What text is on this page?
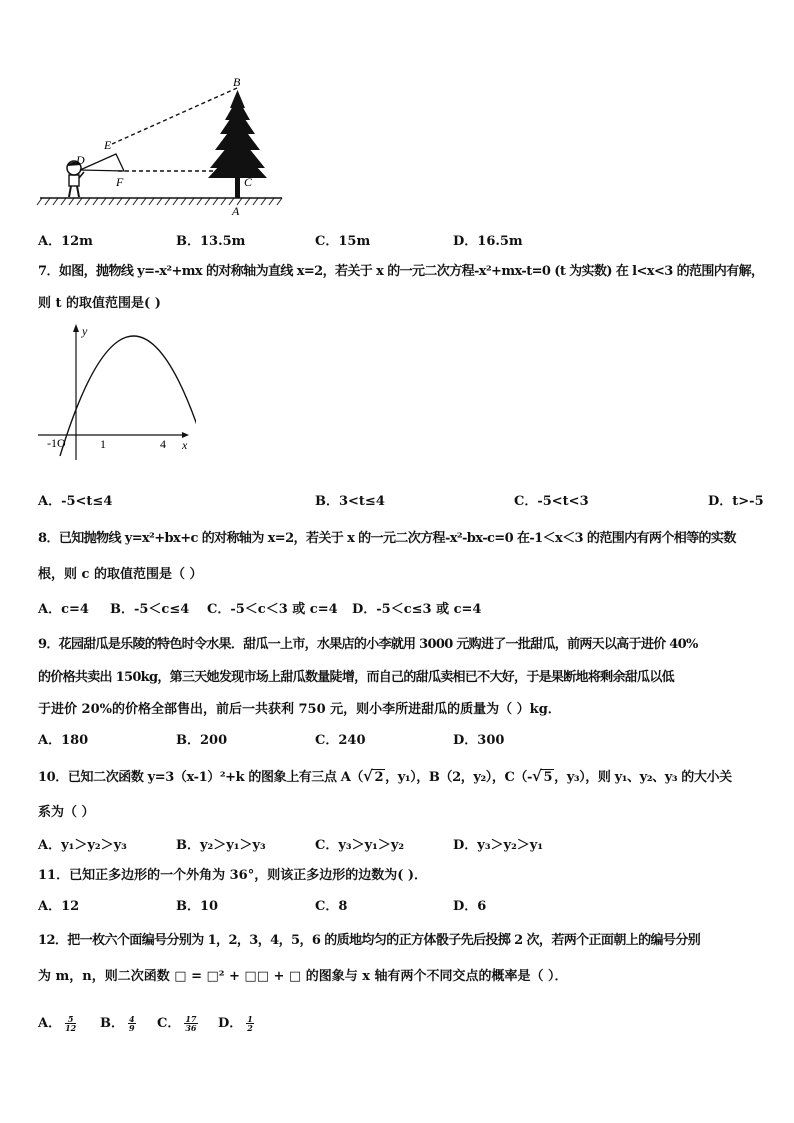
B
E
D
F	C
A
A．12m	B．13.5m	C．15m	D．16.5m
7．如图，抛物线 y=-x²+mx 的对称轴为直线 x=2，若关于 x 的一元二次方程-x²+mx-t=0 (t 为实数) 在 l<x<3 的范围内有解，
则 t 的取值范围是( )
y
x
-1O	1	4
A．-5<t≤4	B．3<t≤4	C．-5<t<3	D．t>-5
8．已知抛物线 y=x²+bx+c 的对称轴为 x=2，若关于 x 的一元二次方程-x²-bx-c=0 在-1＜x＜3 的范围内有两个相等的实数
根，则 c 的取值范围是（ ）
A．c=4 B．-5＜c≤4 C．-5＜c＜3 或 c=4 D．-5＜c≤3 或 c=4
9．花园甜瓜是乐陵的特色时令水果．甜瓜一上市，水果店的小李就用 3000 元购进了一批甜瓜，前两天以高于进价 40%
的价格共卖出 150kg，第三天她发现市场上甜瓜数量陡增，而自己的甜瓜卖相已不大好，于是果断地将剩余甜瓜以低
于进价 20%的价格全部售出，前后一共获利 750 元，则小李所进甜瓜的质量为（ ）kg．
A．180	B．200	C．240	D．300
10．已知二次函数 y=3（x-1）²+k 的图象上有三点 A（√ 2 ，y₁），B（2，y₂），C（-√ 5 ，y₃），则 y₁、y₂、y₃ 的大小关
系为（ ）
A．y₁＞y₂＞y₃	B．y₂＞y₁＞y₃	C．y₃＞y₁＞y₂	D．y₃＞y₂＞y₁
11．已知正多边形的一个外角为 36°，则该正多边形的边数为( )．
A．12	B．10	C．8	D．6
12．把一枚六个面编号分别为 1，2，3，4，5，6 的质地均匀的正方体骰子先后投掷 2 次，若两个正面朝上的编号分别
为 m，n，则二次函数 □ = □² + □□ + □ 的图象与 x 轴有两个不同交点的概率是（ ）．
A． $\frac{5}{12}$ B． $\frac{4}{9}$ C． $\frac{17}{36}$ D． $\frac{1}{2}$
